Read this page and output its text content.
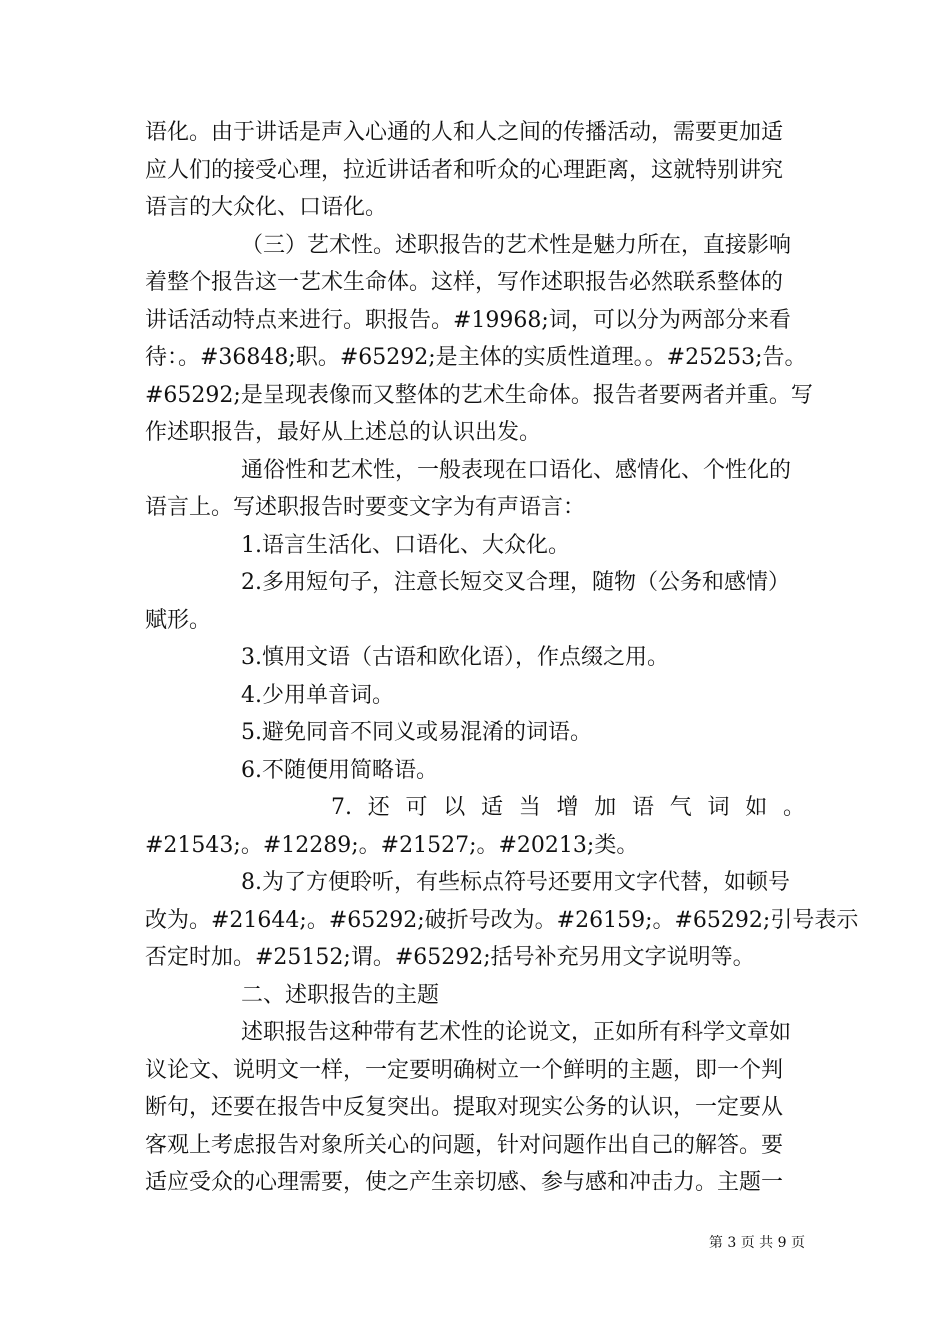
语化。由于讲话是声入心通的人和人之间的传播活动，需要更加适
应人们的接受心理，拉近讲话者和听众的心理距离，这就特别讲究
语言的大众化、口语化。
（三）艺术性。述职报告的艺术性是魅力所在，直接影响
着整个报告这一艺术生命体。这样，写作述职报告必然联系整体的
讲话活动特点来进行。职报告。#19968;词，可以分为两部分来看
待：。#36848;职。#65292;是主体的实质性道理。。#25253;告。
#65292;是呈现表像而又整体的艺术生命体。报告者要两者并重。写
作述职报告，最好从上述总的认识出发。
通俗性和艺术性，一般表现在口语化、感情化、个性化的
语言上。写述职报告时要变文字为有声语言：
1.语言生活化、口语化、大众化。
2.多用短句子，注意长短交叉合理，随物（公务和感情）
赋形。
3.慎用文语（古语和欧化语），作点缀之用。
4.少用单音词。
5.避免同音不同义或易混淆的词语。
6.不随便用简略语。
7. 还 可 以 适 当 增 加 语 气 词 如 。
#21543;。#12289;。#21527;。#20213;类。
8.为了方便聆听，有些标点符号还要用文字代替，如顿号
改为。#21644;。#65292;破折号改为。#26159;。#65292;引号表示
否定时加。#25152;谓。#65292;括号补充另用文字说明等。
二、述职报告的主题
述职报告这种带有艺术性的论说文，正如所有科学文章如
议论文、说明文一样，一定要明确树立一个鲜明的主题，即一个判
断句，还要在报告中反复突出。提取对现实公务的认识，一定要从
客观上考虑报告对象所关心的问题，针对问题作出自己的解答。要
适应受众的心理需要，使之产生亲切感、参与感和冲击力。主题一
第 3 页 共 9 页
